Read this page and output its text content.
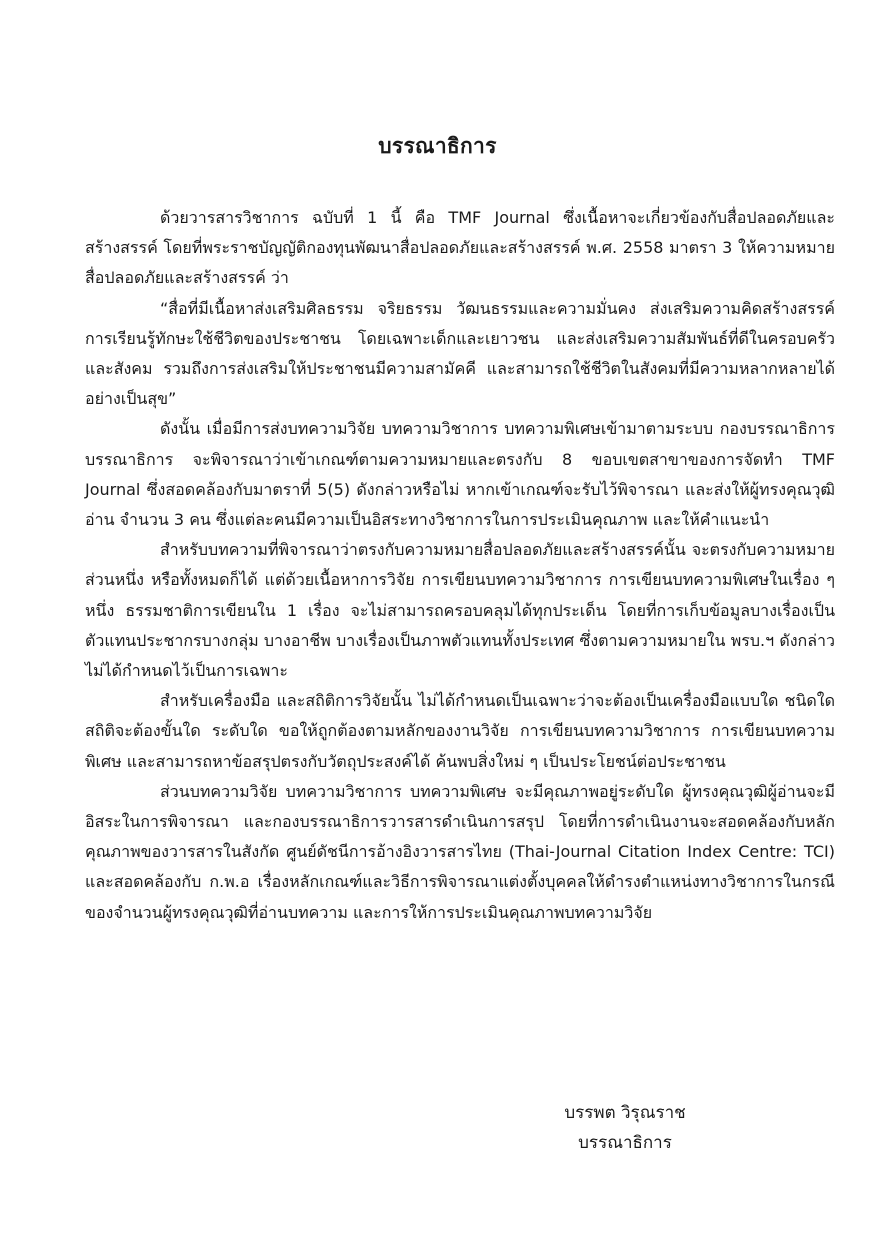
บรรณาธิการ

ด้วยวารสารวิชาการ ฉบับที่ 1 นี้ คือ TMF Journal ซึ่งเนื้อหาจะเกี่ยวข้องกับสื่อปลอดภัยและสร้างสรรค์ โดยที่พระราชบัญญัติกองทุนพัฒนาสื่อปลอดภัยและสร้างสรรค์ พ.ศ. 2558 มาตรา 3 ให้ความหมายสื่อปลอดภัยและสร้างสรรค์ ว่า

“สื่อที่มีเนื้อหาส่งเสริมศิลธรรม จริยธรรม วัฒนธรรมและความมั่นคง ส่งเสริมความคิดสร้างสรรค์ การเรียนรู้ทักษะใช้ชีวิตของประชาชน โดยเฉพาะเด็กและเยาวชน และส่งเสริมความสัมพันธ์ที่ดีในครอบครัว และสังคม รวมถึงการส่งเสริมให้ประชาชนมีความสามัคคี และสามารถใช้ชีวิตในสังคมที่มีความหลากหลายได้อย่างเป็นสุข”

ดังนั้น เมื่อมีการส่งบทความวิจัย บทความวิชาการ บทความพิเศษเข้ามาตามระบบ กองบรรณาธิการ บรรณาธิการ จะพิจารณาว่าเข้าเกณฑ์ตามความหมายและตรงกับ 8 ขอบเขตสาขาของการจัดทำ TMF Journal ซึ่งสอดคล้องกับมาตราที่ 5(5) ดังกล่าวหรือไม่ หากเข้าเกณฑ์จะรับไว้พิจารณา และส่งให้ผู้ทรงคุณวุฒิอ่าน จำนวน 3 คน ซึ่งแต่ละคนมีความเป็นอิสระทางวิชาการในการประเมินคุณภาพ และให้คำแนะนำ

สำหรับบทความที่พิจารณาว่าตรงกับความหมายสื่อปลอดภัยและสร้างสรรค์นั้น จะตรงกับความหมายส่วนหนึ่ง หรือทั้งหมดก็ได้ แต่ด้วยเนื้อหาการวิจัย การเขียนบทความวิชาการ การเขียนบทความพิเศษในเรื่อง ๆ หนึ่ง ธรรมชาติการเขียนใน 1 เรื่อง จะไม่สามารถครอบคลุมได้ทุกประเด็น โดยที่การเก็บข้อมูลบางเรื่องเป็นตัวแทนประชากรบางกลุ่ม บางอาชีพ บางเรื่องเป็นภาพตัวแทนทั้งประเทศ ซึ่งตามความหมายใน พรบ.ฯ ดังกล่าว ไม่ได้กำหนดไว้เป็นการเฉพาะ

สำหรับเครื่องมือ และสถิติการวิจัยนั้น ไม่ได้กำหนดเป็นเฉพาะว่าจะต้องเป็นเครื่องมือแบบใด ชนิดใด สถิติจะต้องขั้นใด ระดับใด ขอให้ถูกต้องตามหลักของงานวิจัย การเขียนบทความวิชาการ การเขียนบทความพิเศษ และสามารถหาข้อสรุปตรงกับวัตถุประสงค์ได้ ค้นพบสิ่งใหม่ ๆ เป็นประโยชน์ต่อประชาชน

ส่วนบทความวิจัย บทความวิชาการ บทความพิเศษ จะมีคุณภาพอยู่ระดับใด ผู้ทรงคุณวุฒิผู้อ่านจะมีอิสระในการพิจารณา และกองบรรณาธิการวารสารดำเนินการสรุป โดยที่การดำเนินงานจะสอดคล้องกับหลักคุณภาพของวารสารในสังกัด ศูนย์ดัชนีการอ้างอิงวารสารไทย (Thai-Journal Citation Index Centre: TCI) และสอดคล้องกับ ก.พ.อ เรื่องหลักเกณฑ์และวิธีการพิจารณาแต่งตั้งบุคคลให้ดำรงตำแหน่งทางวิชาการในกรณีของจำนวนผู้ทรงคุณวุฒิที่อ่านบทความ และการให้การประเมินคุณภาพบทความวิจัย

บรรพต วิรุณราช
บรรณาธิการ
